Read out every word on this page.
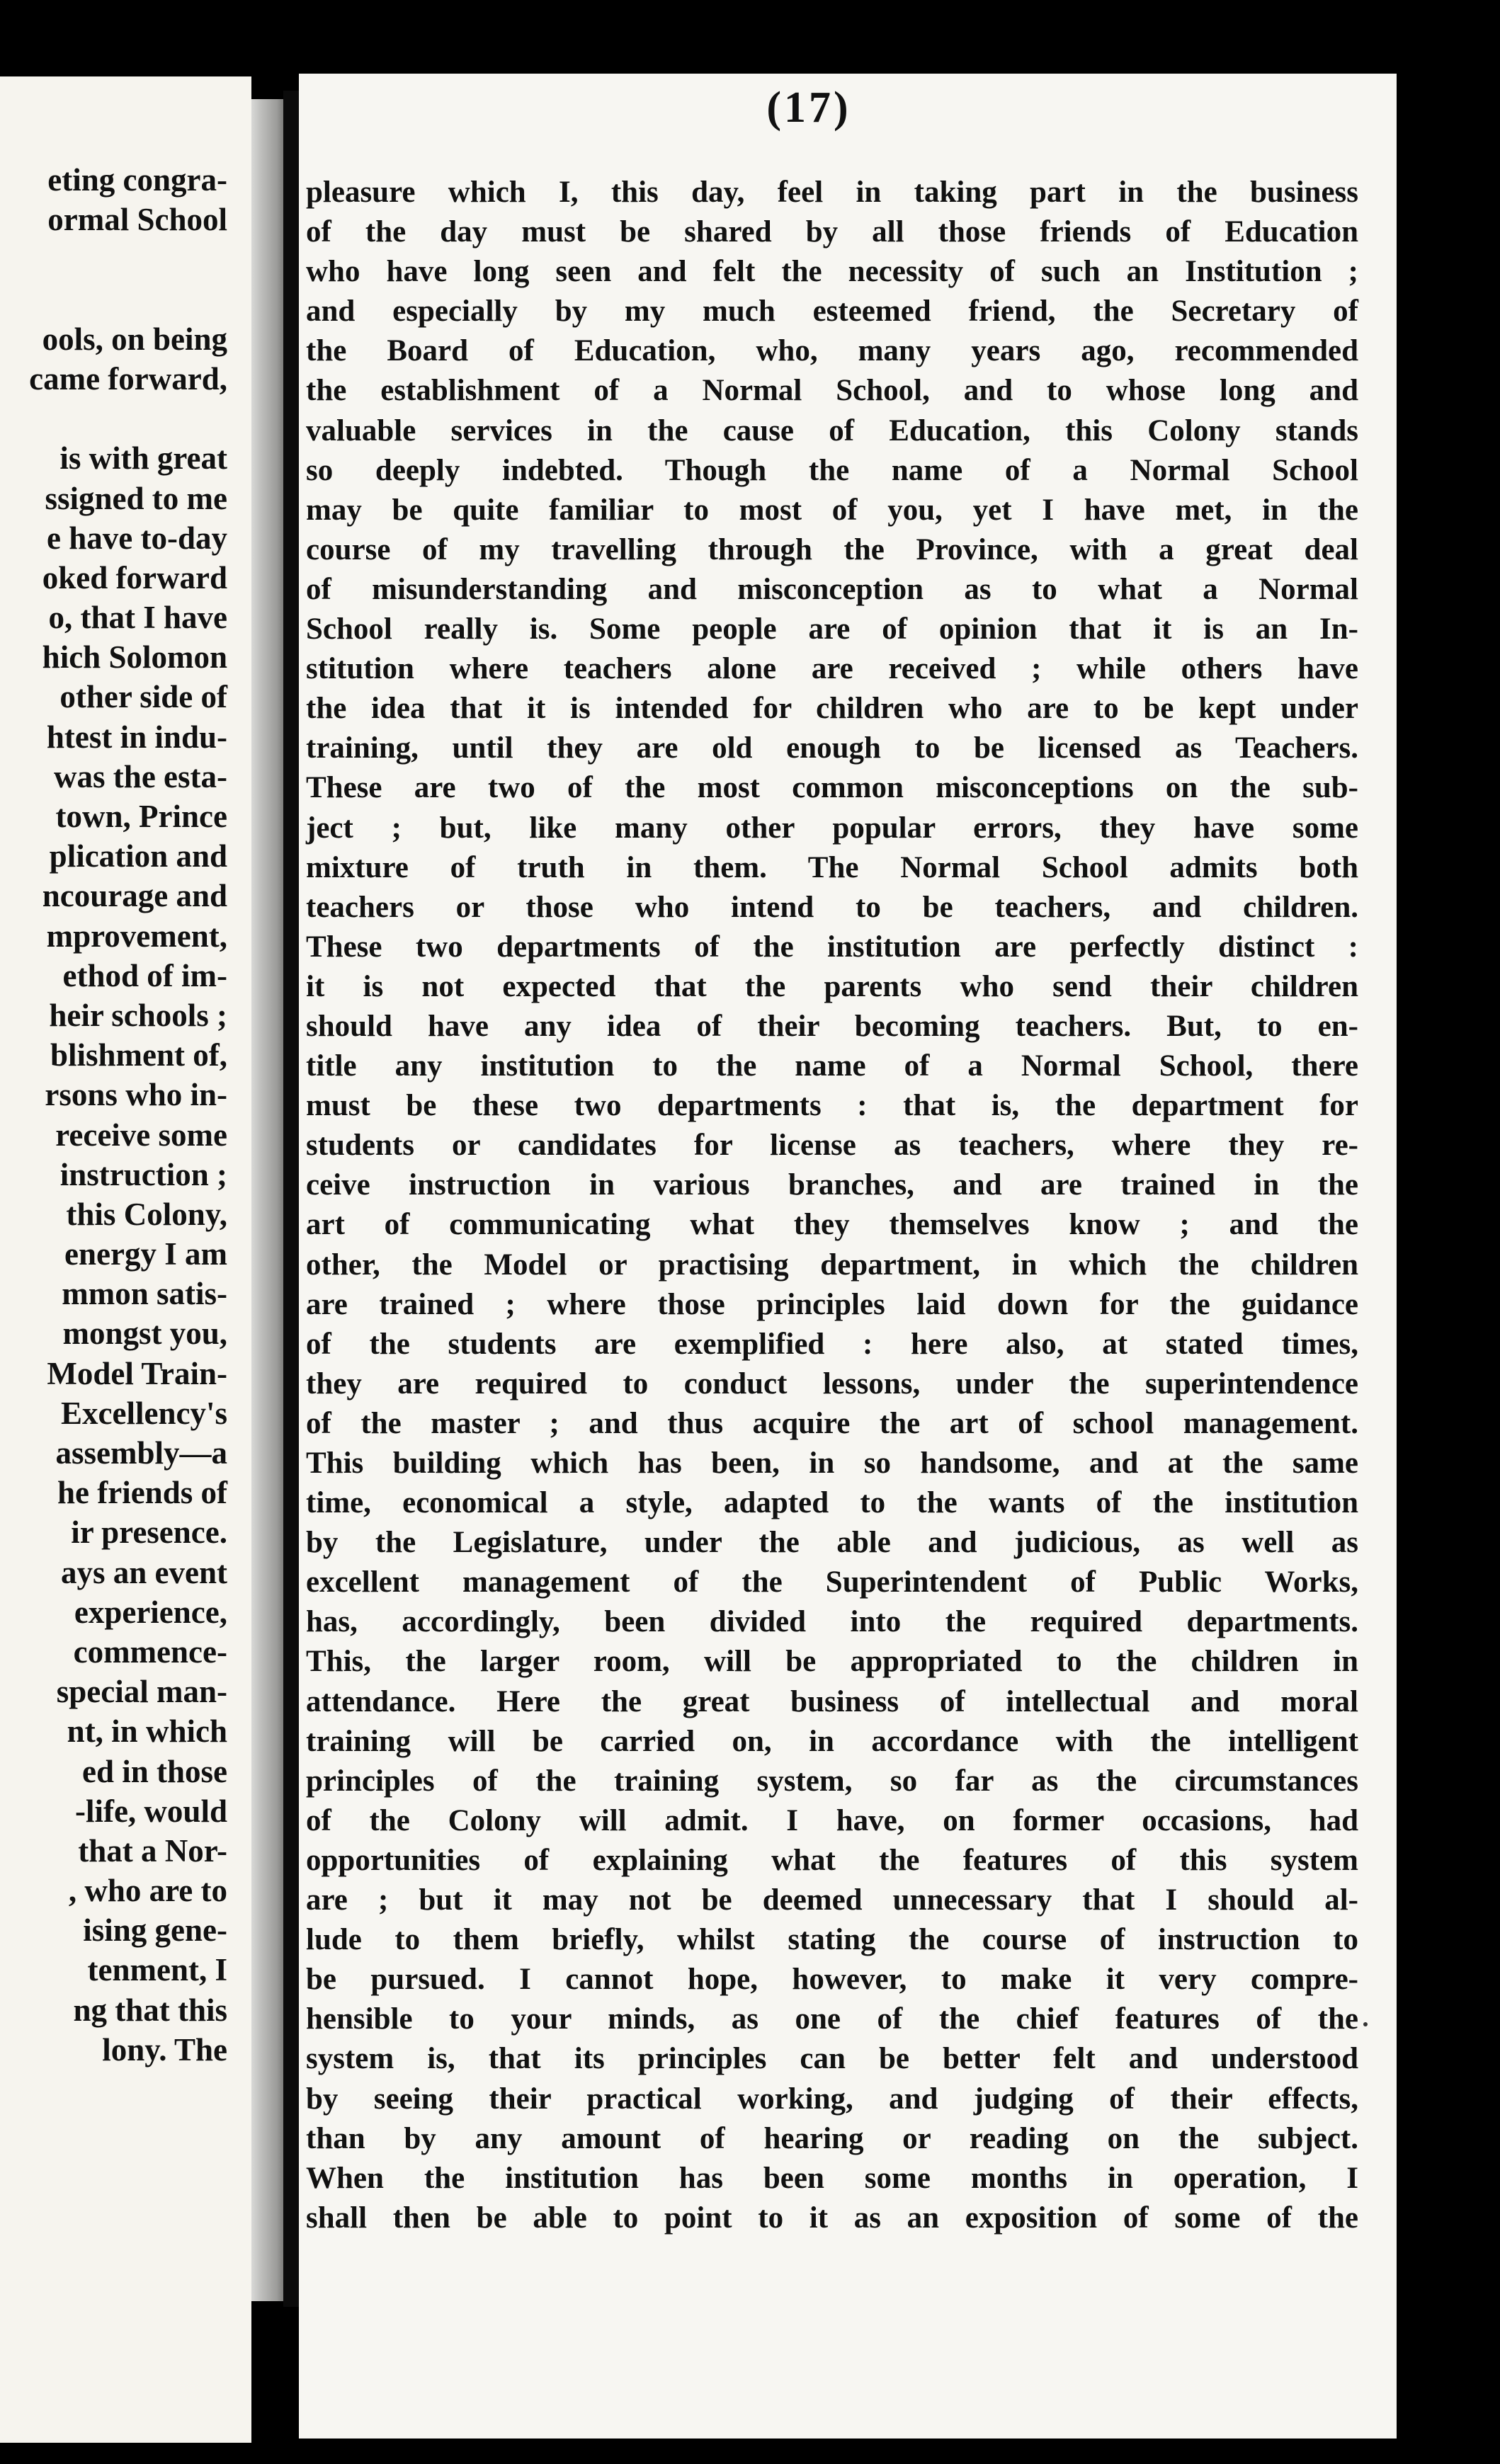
eting congra-
ormal School
ools, on being
came forward,
is with great
ssigned to me
e have to-day
oked forward
o, that I have
hich Solomon
other side of
htest in indu-
was the esta-
town, Prince
plication and
ncourage and
mprovement,
ethod of im-
heir schools ;
blishment of,
rsons who in-
receive some
instruction ;
this Colony,
energy I am
mmon satis-
mongst you,
Model Train-
Excellency's
assembly—a
he friends of
ir presence.
ays an event
experience,
commence-
special man-
nt, in which
ed in those
-life, would
that a Nor-
, who are to
ising gene-
tenment, I
ng that this
lony. The
(17)
pleasure which I, this day, feel in taking part in the business
of the day must be shared by all those friends of Education
who have long seen and felt the necessity of such an Institution ;
and especially by my much esteemed friend, the Secretary of
the Board of Education, who, many years ago, recommended
the establishment of a Normal School, and to whose long and
valuable services in the cause of Education, this Colony stands
so deeply indebted. Though the name of a Normal School
may be quite familiar to most of you, yet I have met, in the
course of my travelling through the Province, with a great deal
of misunderstanding and misconception as to what a Normal
School really is. Some people are of opinion that it is an In-
stitution where teachers alone are received ; while others have
the idea that it is intended for children who are to be kept under
training, until they are old enough to be licensed as Teachers.
These are two of the most common misconceptions on the sub-
ject ; but, like many other popular errors, they have some
mixture of truth in them. The Normal School admits both
teachers or those who intend to be teachers, and children.
These two departments of the institution are perfectly distinct :
it is not expected that the parents who send their children
should have any idea of their becoming teachers. But, to en-
title any institution to the name of a Normal School, there
must be these two departments : that is, the department for
students or candidates for license as teachers, where they re-
ceive instruction in various branches, and are trained in the
art of communicating what they themselves know ; and the
other, the Model or practising department, in which the children
are trained ; where those principles laid down for the guidance
of the students are exemplified : here also, at stated times,
they are required to conduct lessons, under the superintendence
of the master ; and thus acquire the art of school management.
This building which has been, in so handsome, and at the same
time, economical a style, adapted to the wants of the institution
by the Legislature, under the able and judicious, as well as
excellent management of the Superintendent of Public Works,
has, accordingly, been divided into the required departments.
This, the larger room, will be appropriated to the children in
attendance. Here the great business of intellectual and moral
training will be carried on, in accordance with the intelligent
principles of the training system, so far as the circumstances
of the Colony will admit. I have, on former occasions, had
opportunities of explaining what the features of this system
are ; but it may not be deemed unnecessary that I should al-
lude to them briefly, whilst stating the course of instruction to
be pursued. I cannot hope, however, to make it very compre-
hensible to your minds, as one of the chief features of the
system is, that its principles can be better felt and understood
by seeing their practical working, and judging of their effects,
than by any amount of hearing or reading on the subject.
When the institution has been some months in operation, I
shall then be able to point to it as an exposition of some of the
